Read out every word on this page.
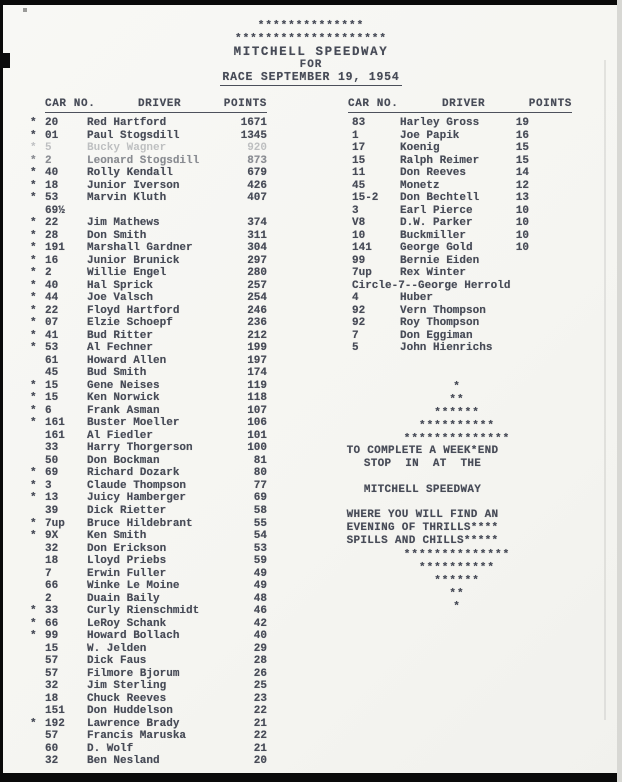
**************
********************
MITCHELL SPEEDWAY
FOR
RACE SEPTEMBER 19, 1954
CAR NO.	DRIVER	POINTS	CAR NO.	DRIVER	POINTS
* 20	Red Hartford	1671
* 01	Paul Stogsdill	1345
* 5	Bucky Wagner	920
* 2	Leonard Stogsdill	873
* 40	Rolly Kendall	679
* 18	Junior Iverson	426
* 53	Marvin Kluth	407
69½
* 22	Jim Mathews	374
* 28	Don Smith	311
* 191	Marshall Gardner	304
* 16	Junior Brunick	297
* 2	Willie Engel	280
* 40	Hal Sprick	257
* 44	Joe Valsch	254
* 22	Floyd Hartford	246
* 07	Elzie Schoepf	236
* 41	Bud Ritter	212
* 53	Al Fechner	199
61	Howard Allen	197
45	Bud Smith	174
* 15	Gene Neises	119
* 15	Ken Norwick	118
* 6	Frank Asman	107
* 161	Buster Moeller	106
161	Al Fiedler	101
33	Harry Thorgerson	100
50	Don Bockman	81
* 69	Richard Dozark	80
* 3	Claude Thompson	77
* 13	Juicy Hamberger	69
39	Dick Rietter	58
* 7up	Bruce Hildebrant	55
* 9X	Ken Smith	54
32	Don Erickson	53
18	Lloyd Priebs	59
7	Erwin Fuller	49
66	Winke Le Moine	49
2	Duain Baily	48
* 33	Curly Rienschmidt	46
* 66	LeRoy Schank	42
* 99	Howard Bollach	40
15	W. Jelden	29
57	Dick Faus	28
57	Filmore Bjorum	26
32	Jim Sterling	25
18	Chuck Reeves	23
151	Don Huddelson	22
* 192	Lawrence Brady	21
57	Francis Maruska	22
60	D. Wolf	21
32	Ben Nesland	20
83	Harley Gross	19
1	Joe Papik	16
17	Koenig	15
15	Ralph Reimer	15
11	Don Reeves	14
45	Monetz	12
15-2	Don Bechtell	13
3	Earl Pierce	10
V8	D.W. Parker	10
10	Buckmiller	10
141	George Gold	10
99	Bernie Eiden
7up	Rex Winter
Circle-7--George Herrold
4	Huber
92	Vern Thompson
92	Roy Thompson
7	Don Eggiman
5	John Hienrichs
*
**
******
**********
**************
TO COMPLETE A WEEK*END
STOP  IN  AT  THE

MITCHELL SPEEDWAY

WHERE YOU WILL FIND AN
EVENING OF THRILLS****
SPILLS AND CHILLS*****
**************
**********
******
**
*
